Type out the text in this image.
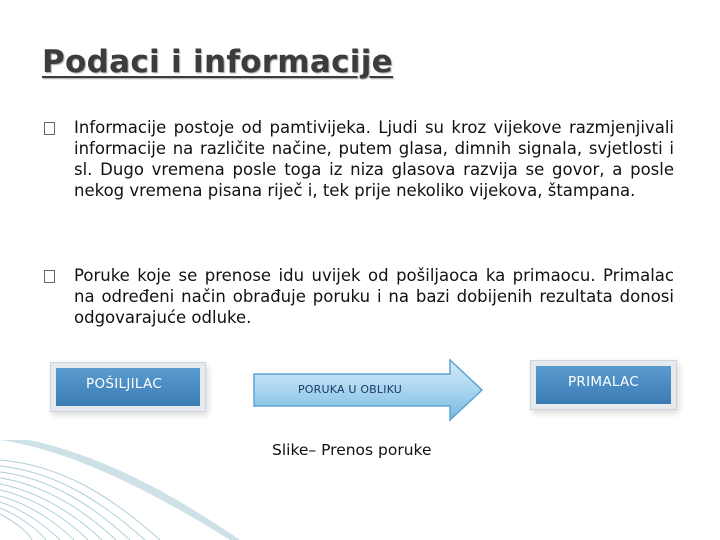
Podaci i informacije
Informacije postoje od pamtivijeka. Ljudi su kroz vijekove razmjenjivali informacije na različite načine, putem glasa, dimnih signala, svjetlosti i sl. Dugo vremena posle toga iz niza glasova razvija se govor, a posle nekog vremena pisana riječ i, tek prije nekoliko vijekova, štampana.
Poruke koje se prenose idu uvijek od pošiljaoca ka primaocu. Primalac na određeni način obrađuje poruku i na bazi dobijenih rezultata donosi odgovarajuće odluke.
POŠILJILAC	PORUKA U OBLIKU	PRIMALAC
Slike– Prenos poruke
